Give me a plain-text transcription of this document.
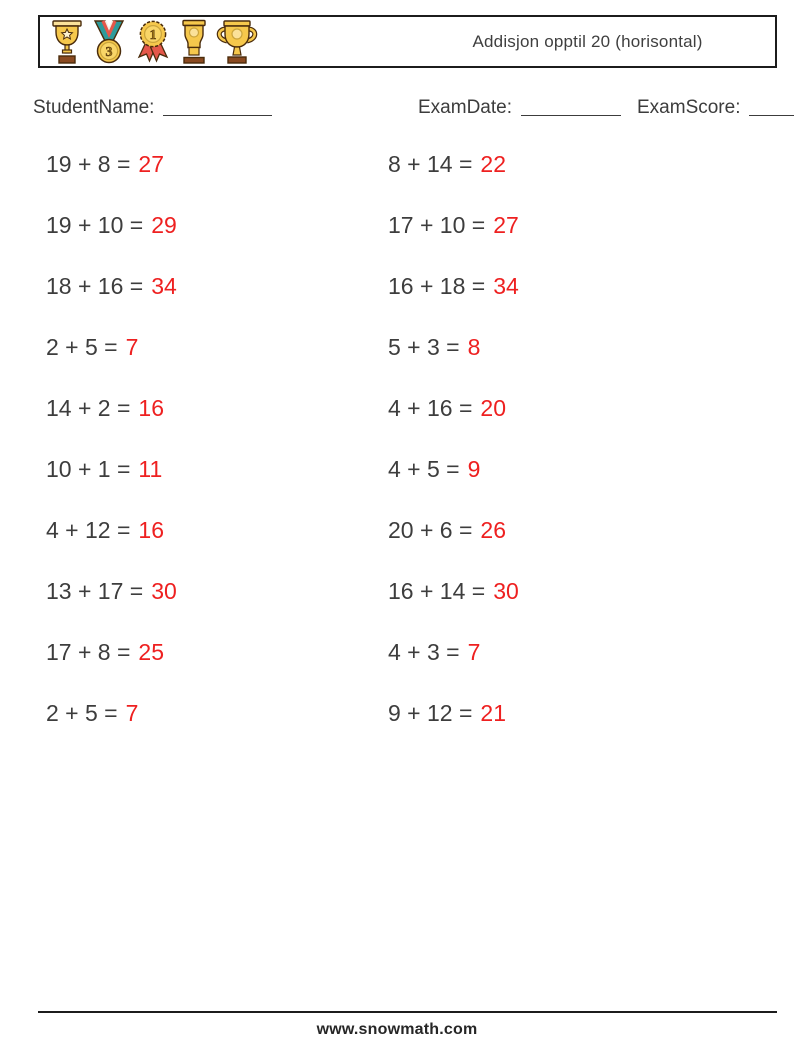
3
1	Addisjon opptil 20 (horisontal)
StudentName:	ExamDate:	ExamScore:
19 + 8 = 27
19 + 10 = 29
18 + 16 = 34
2 + 5 = 7
14 + 2 = 16
10 + 1 = 11
4 + 12 = 16
13 + 17 = 30
17 + 8 = 25
2 + 5 = 7
8 + 14 = 22
17 + 10 = 27
16 + 18 = 34
5 + 3 = 8
4 + 16 = 20
4 + 5 = 9
20 + 6 = 26
16 + 14 = 30
4 + 3 = 7
9 + 12 = 21
www.snowmath.com
